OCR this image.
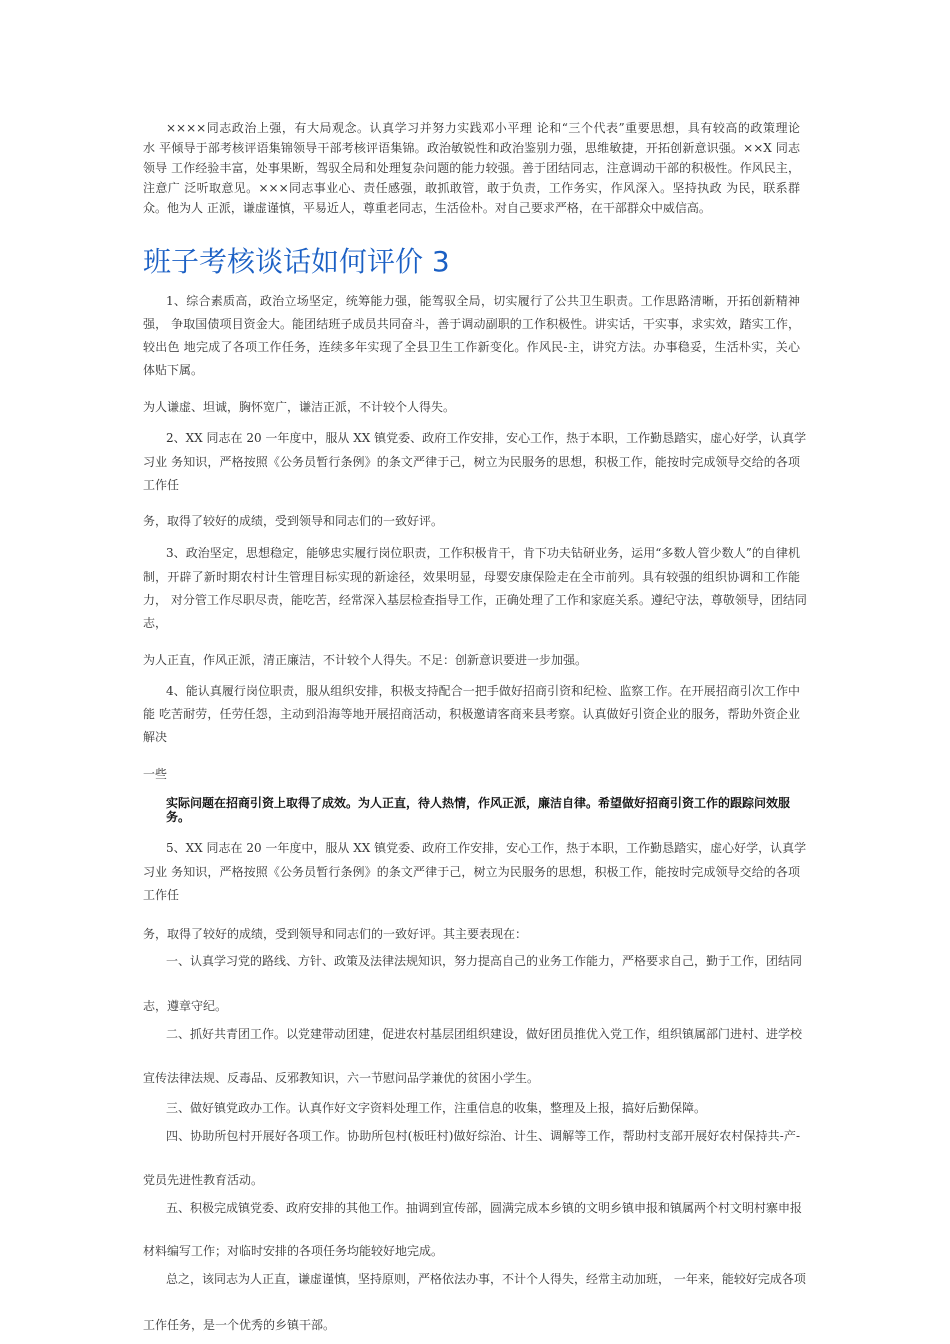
××××同志政治上强，有大局观念。认真学习并努力实践邓小平理 论和“三个代表”重要思想，具有较高的政策理论
水 平倾导于部考核评语集锦领导干部考核评语集锦。政治敏锐性和政治鉴别力强，思维敏捷，开拓创新意识强。××X 同志
领导 工作经验丰富，处事果断，驾驭全局和处理复杂问题的能力较强。善于团结同志，注意调动干部的积极性。作风民主，
注意广 泛听取意见。×××同志事业心、责任感强，敢抓敢管，敢于负责，工作务实，作风深入。坚持执政 为民，联系群
众。他为人 正派，谦虚谨慎，平易近人，尊重老同志，生活俭朴。对自己要求严格，在干部群众中威信高。
班子考核谈话如何评价 3
1、综合素质高，政治立场坚定，统筹能力强，能驾驭全局，切实履行了公共卫生职责。工作思路清晰，开拓创新精神
强， 争取国债项目资金大。能团结班子成员共同奋斗，善于调动副职的工作积极性。讲实话，干实事，求实效，踏实工作，
较出色 地完成了各项工作任务，连续多年实现了全县卫生工作新变化。作风民-主，讲究方法。办事稳妥，生活朴实，关心
体贴下属。
为人谦虚、坦诚，胸怀宽广，谦洁正派，不计较个人得失。
2、XX 同志在 20 一年度中，服从 XX 镇党委、政府工作安排，安心工作，热于本职，工作勤恳踏实，虚心好学，认真学
习业 务知识，严格按照《公务员暂行条例》的条文严律于己，树立为民服务的思想，积极工作，能按时完成领导交给的各项
工作任
务，取得了较好的成绩，受到领导和同志们的一致好评。
3、政治坚定，思想稳定，能够忠实履行岗位职责，工作积极肯干，肯下功夫钻研业务，运用“多数人管少数人”的自律机
制，开辟了新时期农村计生管理目标实现的新途径，效果明显，母婴安康保险走在全市前列。具有较强的组织协调和工作能
力， 对分管工作尽职尽责，能吃苦，经常深入基层检查指导工作，正确处理了工作和家庭关系。遵纪守法，尊敬领导，团结同
志，
为人正直，作风正派，清正廉洁，不计较个人得失。不足：创新意识要进一步加强。
4、能认真履行岗位职责，服从组织安排，积极支持配合一把手做好招商引资和纪检、监察工作。在开展招商引次工作中
能 吃苦耐劳，任劳任怨，主动到沿海等地开展招商活动，积极邀请客商来县考察。认真做好引资企业的服务，帮助外资企业
解决
一些
实际问题在招商引资上取得了成效。为人正直，待人热情，作风正派，廉洁自律。希望做好招商引资工作的跟踪问效服务。
5、XX 同志在 20 一年度中，服从 XX 镇党委、政府工作安排，安心工作，热于本职，工作勤恳踏实，虚心好学，认真学
习业 务知识，严格按照《公务员暂行条例》的条文严律于己，树立为民服务的思想，积极工作，能按时完成领导交给的各项
工作任
务，取得了较好的成绩，受到领导和同志们的一致好评。其主要表现在：
一、认真学习党的路线、方针、政策及法律法规知识，努力提高自己的业务工作能力，严格要求自己，勤于工作，团结同
志，遵章守纪。
二、抓好共青团工作。以党建带动团建，促进农村基层团组织建设，做好团员推优入党工作，组织镇属部门进村、进学校
宣传法律法规、反毒品、反邪教知识，六一节慰问品学兼优的贫困小学生。
三、做好镇党政办工作。认真作好文字资料处理工作，注重信息的收集，整理及上报，搞好后勤保障。
四、协助所包村开展好各项工作。协助所包村(板旺村)做好综治、计生、调解等工作，帮助村支部开展好农村保持共-产-
党员先进性教育活动。
五、积极完成镇党委、政府安排的其他工作。抽调到宣传部，圆满完成本乡镇的文明乡镇申报和镇属两个村文明村寨申报
材料编写工作；对临时安排的各项任务均能较好地完成。
总之，该同志为人正直，谦虚谨慎，坚持原则，严格依法办事，不计个人得失，经常主动加班， 一年来，能较好完成各项
工作任务，是一个优秀的乡镇干部。
